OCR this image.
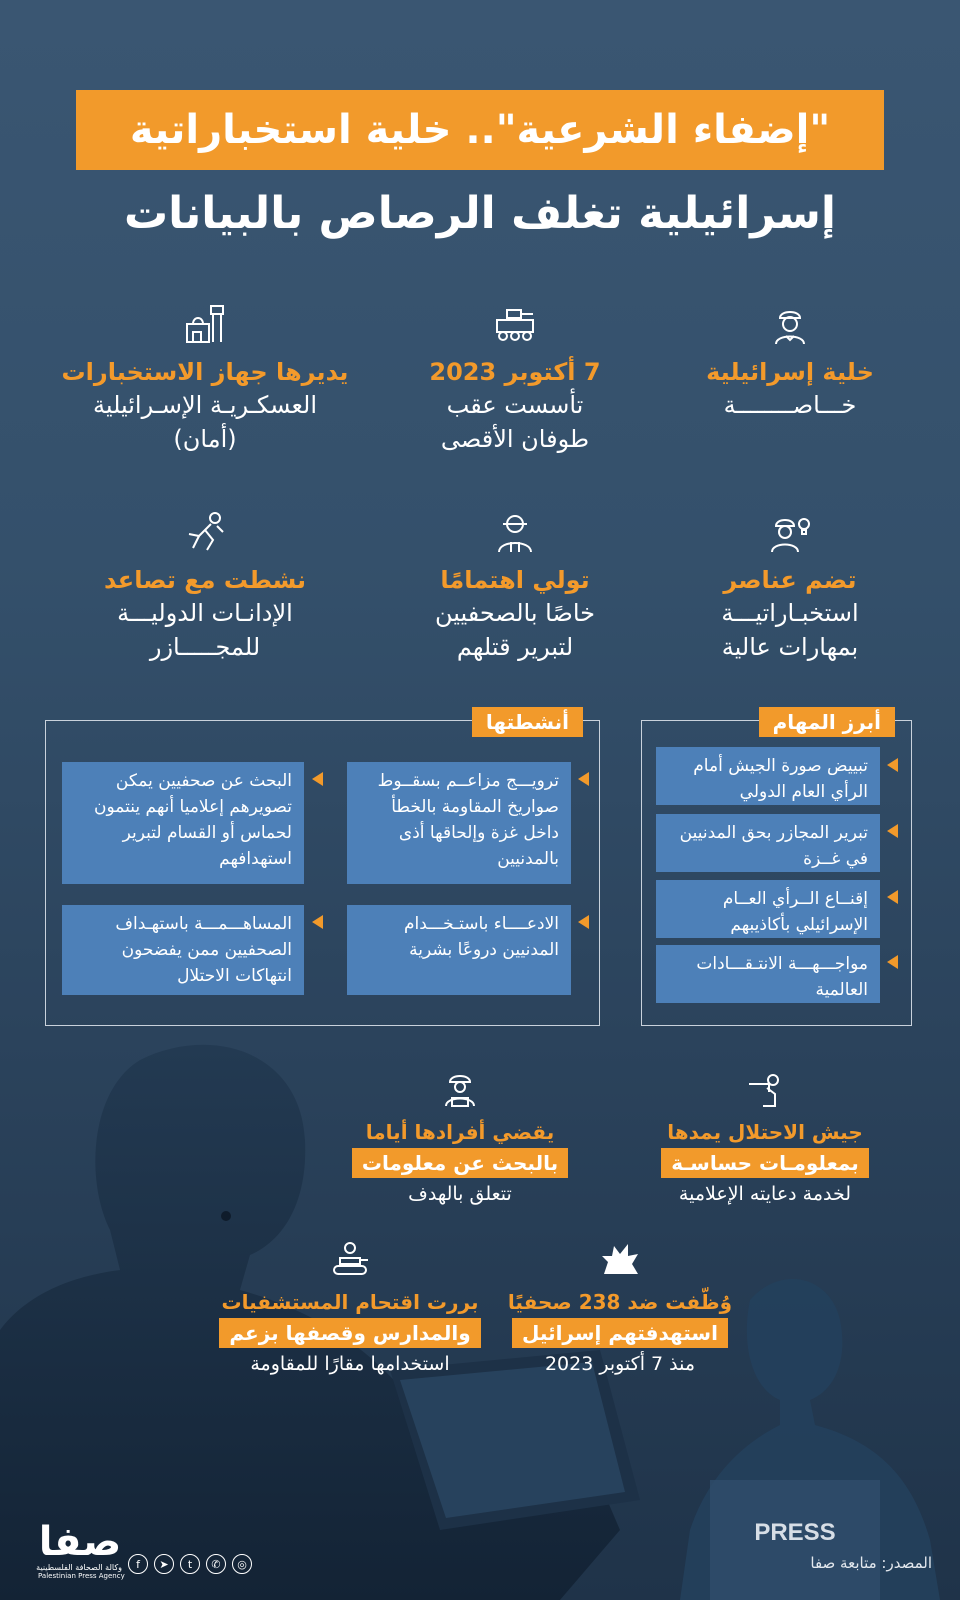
PRESS
"إضفاء الشرعية".. خلية استخباراتية
إسرائيلية تغلف الرصاص بالبيانات
خلية إسرائيلية
خـــاصــــــــة
7 أكتوبر 2023
تأسست عقب
طوفان الأقصى
يديرها جهاز الاستخبارات
العسكـريـة الإسـرائيلية
(أمان)
تضم عناصر
استخبـاراتيـــة
بمهارات عالية
تولي اهتمامًا
خاصًا بالصحفيين
لتبرير قتلهم
نشطت مع تصاعد
الإدانـات الدوليـــة
للمجـــــازر
أبرز المهام
تبييض صورة الجيش أمام الرأي العام الدولي
تبرير المجازر بحق المدنيين في غــزة
إقنــاع الــرأي العــام الإسرائيلي بأكاذيبهم
مواجـــهـــة الانتـقـــادات العالمية
أنشطتها
ترويـــج مزاعــم بسقــوط صواريخ المقاومة بالخطأ داخل غزة وإلحاقها أذى بالمدنيين
البحث عن صحفيين يمكن تصويرهم إعلاميا أنهم ينتمون لحماس أو القسام لتبرير استهدافهم
الادعــــاء باستـخـــدام المدنيين دروعًا بشرية
المساهـــمـــة باستهـداف الصحفيين ممن يفضحون انتهاكات الاحتلال
جيش الاحتلال يمدها
بمعلومـات حساسـة
لخدمة دعايته الإعلامية
يقضي أفرادها أياما
بالبحث عن معلومات
تتعلق بالهدف
وُظّفت ضد 238 صحفيًا
استهدفتهم إسرائيل
منذ 7 أكتوبر 2023
بررت اقتحام المستشفيات
والمدارس وقصفها بزعم
استخدامها مقارًا للمقاومة
صفا
وكالة الصحافة الفلسطينية
Palestinian Press Agency
f	➤	t	✆	◎	المصدر: متابعة صفا
